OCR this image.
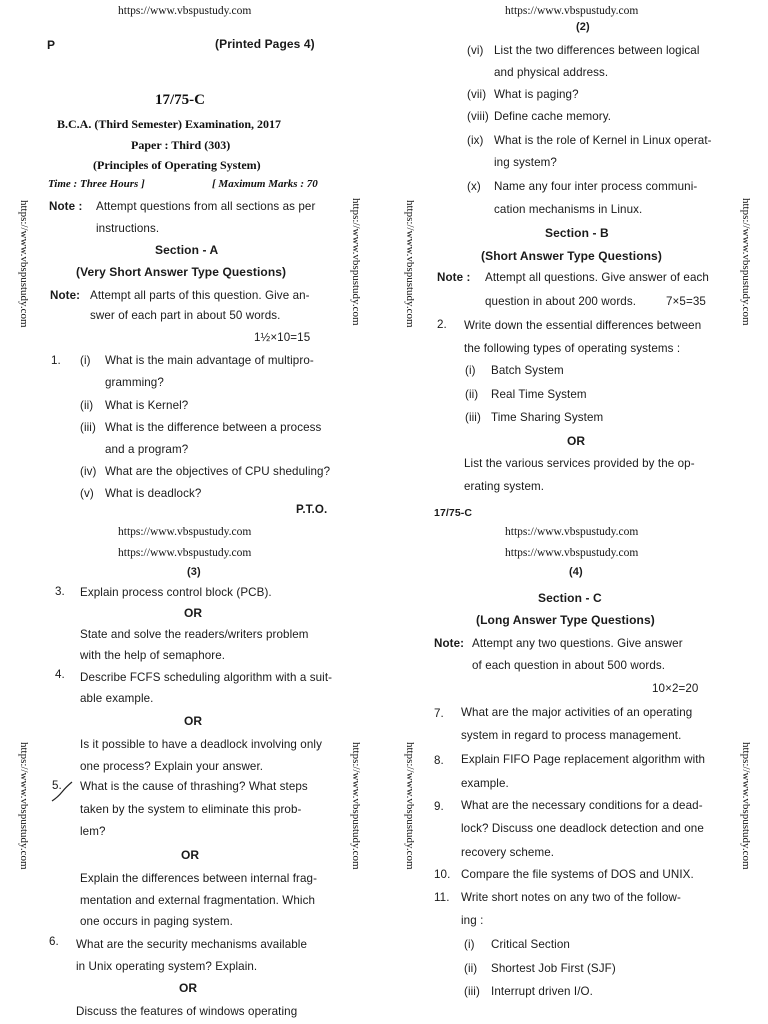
https://www.vbspustudy.com	https://www.vbspustudy.com
P	(Printed Pages 4)
17/75-C
B.C.A. (Third Semester) Examination, 2017
Paper : Third (303)
(Principles of Operating System)
Time : Three Hours ]	[ Maximum Marks : 70
Note : Attempt questions from all sections as per
instructions.
Section - A
(Very Short Answer Type Questions)
Note: Attempt all parts of this question. Give an-
swer of each part in about 50 words.
1½×10=15
1. (i) What is the main advantage of multipro-
gramming?
(ii) What is Kernel?
(iii) What is the difference between a process
and a program?
(iv) What are the objectives of CPU sheduling?
(v) What is deadlock?
P.T.O.
(2)
(vi) List the two differences between logical
and physical address.
(vii) What is paging?
(viii) Define cache memory.
(ix) What is the role of Kernel in Linux operat-
ing system?
(x) Name any four inter process communi-
cation mechanisms in Linux.
Section - B
(Short Answer Type Questions)
Note : Attempt all questions. Give answer of each
question in about 200 words.	7×5=35
2. Write down the essential differences between
the following types of operating systems :
(i) Batch System
(ii) Real Time System
(iii) Time Sharing System
OR
List the various services provided by the op-
erating system.
17/75-C
https://www.vbspustudy.com	https://www.vbspustudy.com
https://www.vbspustudy.com	https://www.vbspustudy.com
(3)
3. Explain process control block (PCB).
OR
State and solve the readers/writers problem
with the help of semaphore.
4. Describe FCFS scheduling algorithm with a suit-
able example.
OR
Is it possible to have a deadlock involving only
one process? Explain your answer.
5. What is the cause of thrashing? What steps
taken by the system to eliminate this prob-
lem?
OR
Explain the differences between internal frag-
mentation and external fragmentation. Which
one occurs in paging system.
6. What are the security mechanisms available
in Unix operating system? Explain.
OR
Discuss the features of windows operating
(4)
Section - C
(Long Answer Type Questions)
Note: Attempt any two questions. Give answer
of each question in about 500 words.
10×2=20
7. What are the major activities of an operating
system in regard to process management.
8. Explain FIFO Page replacement algorithm with
example.
9. What are the necessary conditions for a dead-
lock? Discuss one deadlock detection and one
recovery scheme.
10. Compare the file systems of DOS and UNIX.
11. Write short notes on any two of the follow-
ing :
(i) Critical Section
(ii) Shortest Job First (SJF)
(iii) Interrupt driven I/O.
https://www.vbspustudy.com
https://www.vbspustudy.com
https://www.vbspustudy.com
https://www.vbspustudy.com
https://www.vbspustudy.com
https://www.vbspustudy.com
https://www.vbspustudy.com
https://www.vbspustudy.com
